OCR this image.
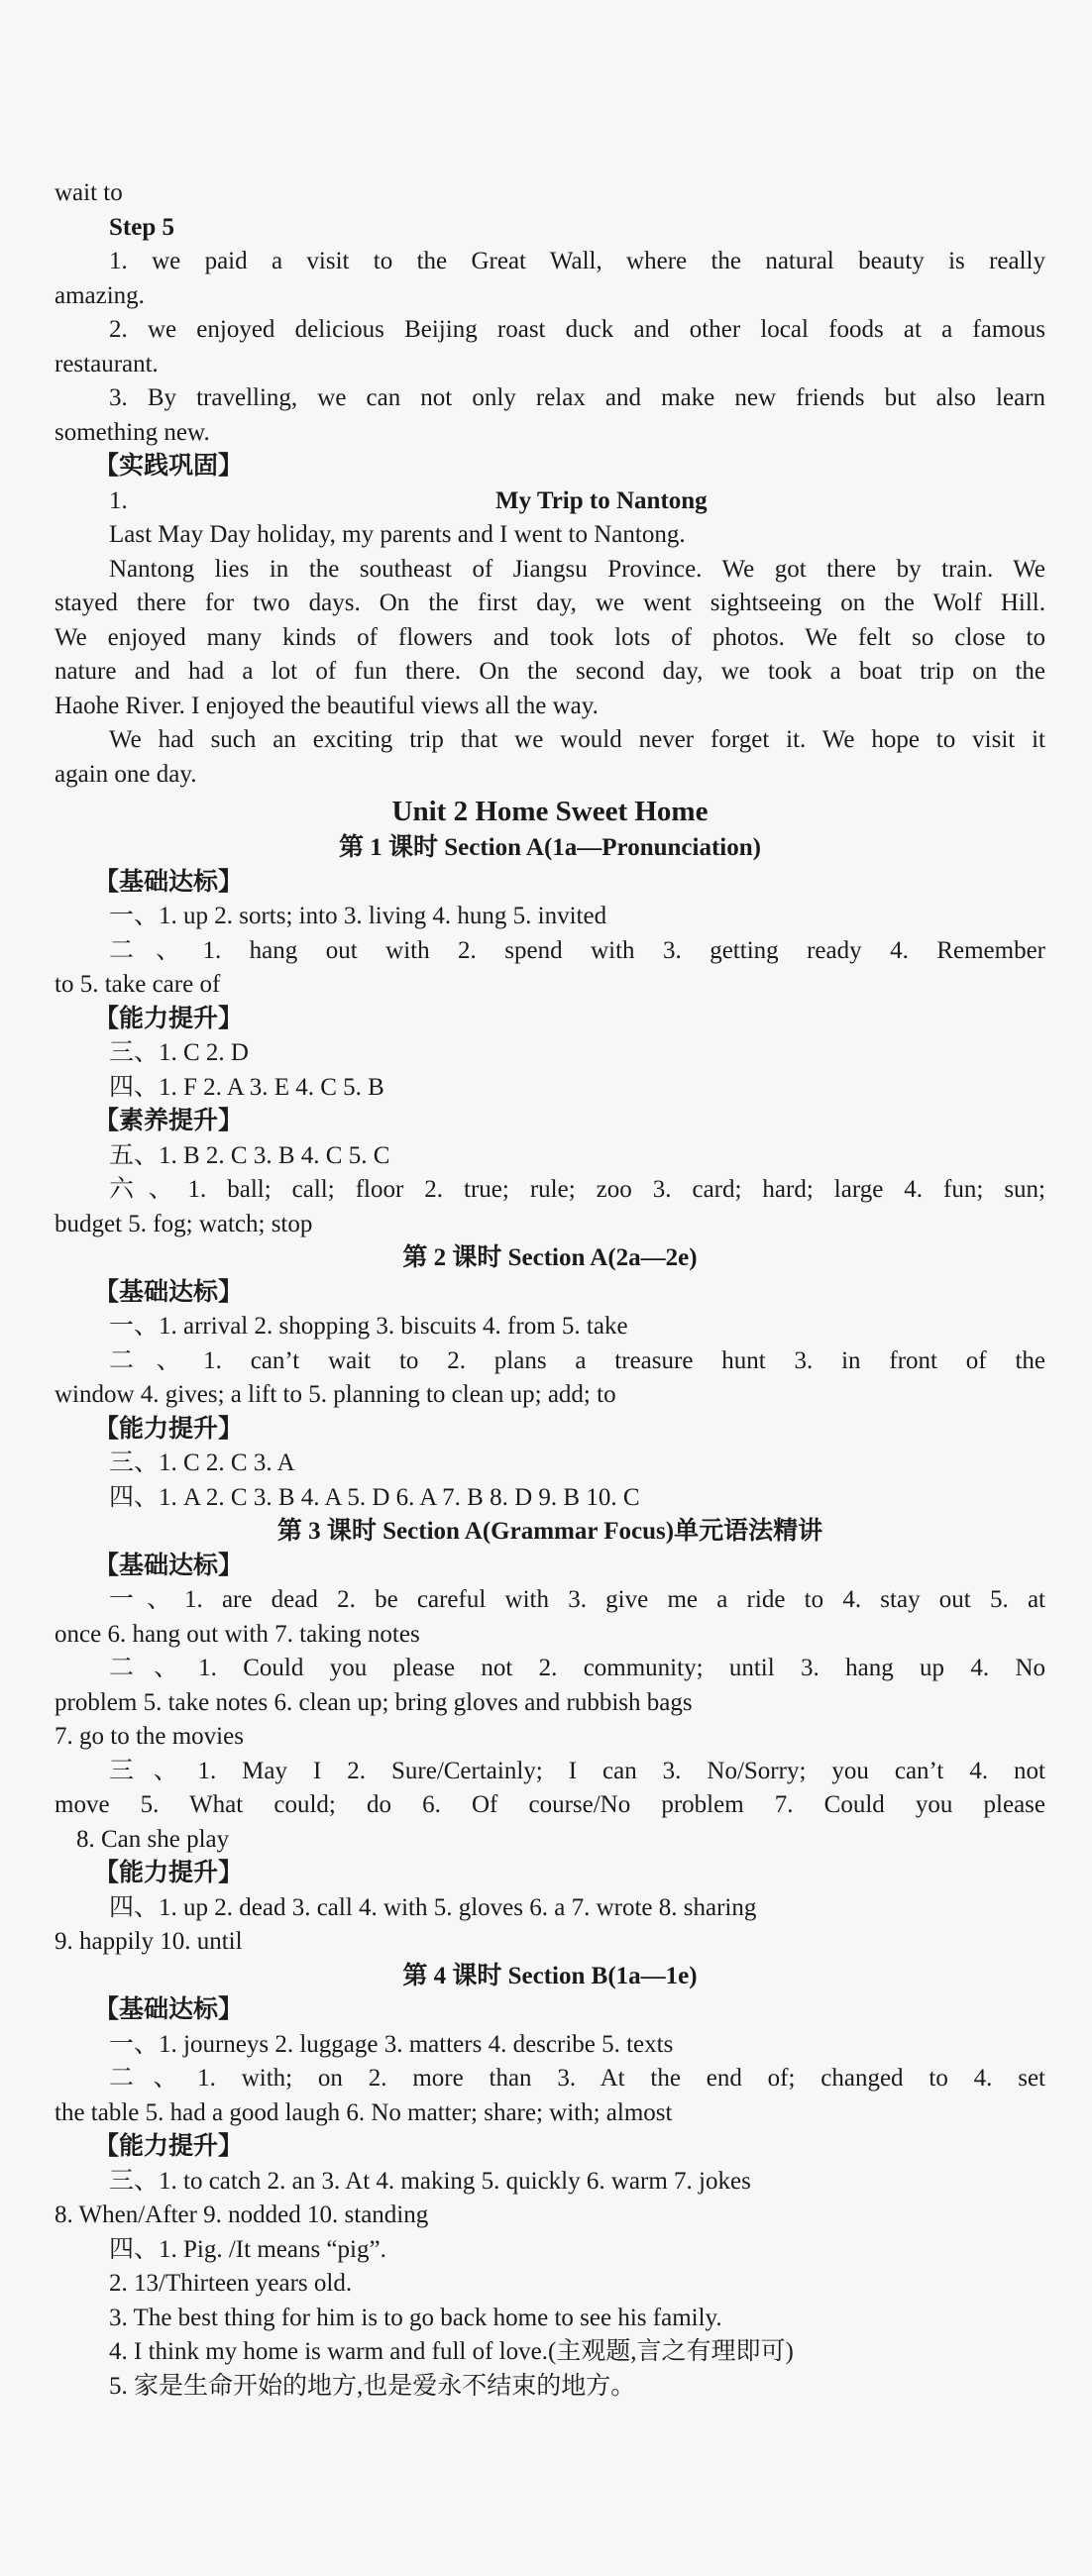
wait to
Step 5
1. we paid a visit to the Great Wall, where the natural beauty is really
amazing.
2. we enjoyed delicious Beijing roast duck and other local foods at a famous
restaurant.
3. By travelling, we can not only relax and make new friends but also learn
something new.
【实践巩固】
1.	My Trip to Nantong
Last May Day holiday, my parents and I went to Nantong.
Nantong lies in the southeast of Jiangsu Province. We got there by train. We
stayed there for two days. On the first day, we went sightseeing on the Wolf Hill.
We enjoyed many kinds of flowers and took lots of photos. We felt so close to
nature and had a lot of fun there. On the second day, we took a boat trip on the
Haohe River. I enjoyed the beautiful views all the way.
We had such an exciting trip that we would never forget it. We hope to visit it
again one day.
Unit 2 Home Sweet Home
第 1 课时 Section A(1a—Pronunciation)
【基础达标】
一、1. up 2. sorts; into 3. living 4. hung 5. invited
二、1. hang out with 2. spend with 3. getting ready 4. Remember
to 5. take care of
【能力提升】
三、1. C 2. D
四、1. F 2. A 3. E 4. C 5. B
【素养提升】
五、1. B 2. C 3. B 4. C 5. C
六、1. ball; call; floor 2. true; rule; zoo 3. card; hard; large 4. fun; sun;
budget 5. fog; watch; stop
第 2 课时 Section A(2a—2e)
【基础达标】
一、1. arrival 2. shopping 3. biscuits 4. from 5. take
二、1. can’t wait to 2. plans a treasure hunt 3. in front of the
window 4. gives; a lift to 5. planning to clean up; add; to
【能力提升】
三、1. C 2. C 3. A
四、1. A 2. C 3. B 4. A 5. D 6. A 7. B 8. D 9. B 10. C
第 3 课时 Section A(Grammar Focus)单元语法精讲
【基础达标】
一、1. are dead 2. be careful with 3. give me a ride to 4. stay out 5. at
once 6. hang out with 7. taking notes
二、1. Could you please not 2. community; until 3. hang up 4. No
problem 5. take notes 6. clean up; bring gloves and rubbish bags
7. go to the movies
三、1. May I 2. Sure/Certainly; I can 3. No/Sorry; you can’t 4. not
move 5. What could; do 6. Of course/No problem 7. Could you please
8. Can she play
【能力提升】
四、1. up 2. dead 3. call 4. with 5. gloves 6. a 7. wrote 8. sharing
9. happily 10. until
第 4 课时 Section B(1a—1e)
【基础达标】
一、1. journeys 2. luggage 3. matters 4. describe 5. texts
二、1. with; on 2. more than 3. At the end of; changed to 4. set
the table 5. had a good laugh 6. No matter; share; with; almost
【能力提升】
三、1. to catch 2. an 3. At 4. making 5. quickly 6. warm 7. jokes
8. When/After 9. nodded 10. standing
四、1. Pig. /It means “pig”.
2. 13/Thirteen years old.
3. The best thing for him is to go back home to see his family.
4. I think my home is warm and full of love.(主观题,言之有理即可)
5. 家是生命开始的地方,也是爱永不结束的地方。
